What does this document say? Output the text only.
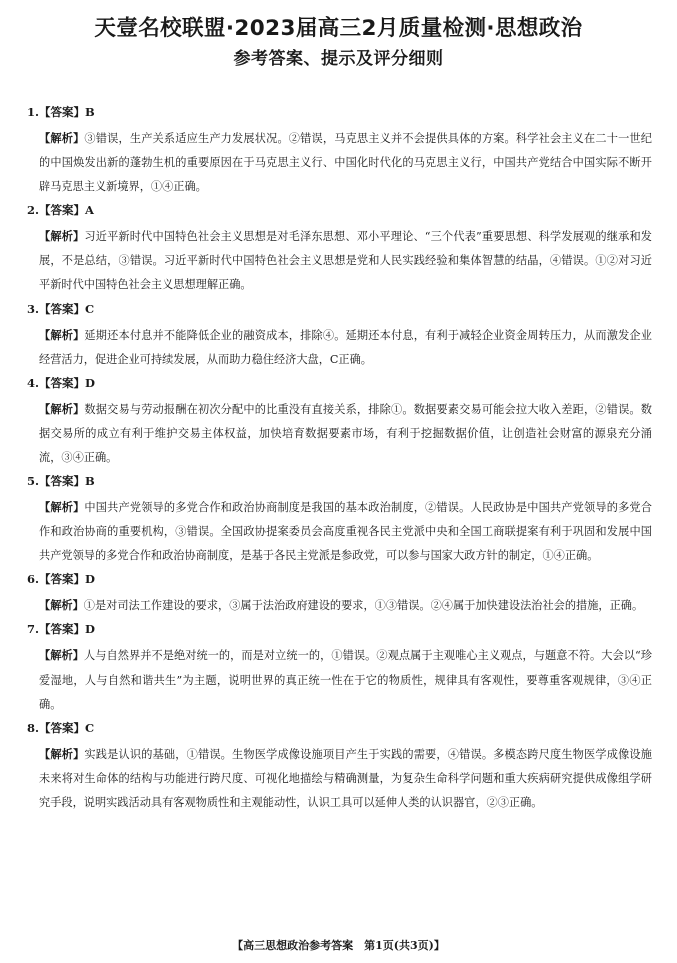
天壹名校联盟·2023届高三2月质量检测·思想政治
参考答案、提示及评分细则
1.【答案】B
【解析】③错误，生产关系适应生产力发展状况。②错误，马克思主义并不会提供具体的方案。科学社会主义在二十一世纪的中国焕发出新的蓬勃生机的重要原因在于马克思主义行、中国化时代化的马克思主义行，中国共产党结合中国实际不断开辟马克思主义新境界，①④正确。
2.【答案】A
【解析】习近平新时代中国特色社会主义思想是对毛泽东思想、邓小平理论、“三个代表”重要思想、科学发展观的继承和发展，不是总结，③错误。习近平新时代中国特色社会主义思想是党和人民实践经验和集体智慧的结晶，④错误。①②对习近平新时代中国特色社会主义思想理解正确。
3.【答案】C
【解析】延期还本付息并不能降低企业的融资成本，排除④。延期还本付息，有利于减轻企业资金周转压力，从而激发企业经营活力，促进企业可持续发展，从而助力稳住经济大盘，C正确。
4.【答案】D
【解析】数据交易与劳动报酬在初次分配中的比重没有直接关系，排除①。数据要素交易可能会拉大收入差距，②错误。数据交易所的成立有利于维护交易主体权益，加快培育数据要素市场，有利于挖掘数据价值，让创造社会财富的源泉充分涌流，③④正确。
5.【答案】B
【解析】中国共产党领导的多党合作和政治协商制度是我国的基本政治制度，②错误。人民政协是中国共产党领导的多党合作和政治协商的重要机构，③错误。全国政协提案委员会高度重视各民主党派中央和全国工商联提案有利于巩固和发展中国共产党领导的多党合作和政治协商制度，是基于各民主党派是参政党，可以参与国家大政方针的制定，①④正确。
6.【答案】D
【解析】①是对司法工作建设的要求，③属于法治政府建设的要求，①③错误。②④属于加快建设法治社会的措施，正确。
7.【答案】D
【解析】人与自然界并不是绝对统一的，而是对立统一的，①错误。②观点属于主观唯心主义观点，与题意不符。大会以“珍爱湿地，人与自然和谐共生”为主题，说明世界的真正统一性在于它的物质性，规律具有客观性，要尊重客观规律，③④正确。
8.【答案】C
【解析】实践是认识的基础，①错误。生物医学成像设施项目产生于实践的需要，④错误。多模态跨尺度生物医学成像设施未来将对生命体的结构与功能进行跨尺度、可视化地描绘与精确测量，为复杂生命科学问题和重大疾病研究提供成像组学研究手段，说明实践活动具有客观物质性和主观能动性，认识工具可以延伸人类的认识器官，②③正确。
【高三思想政治参考答案　第1页(共3页)】
